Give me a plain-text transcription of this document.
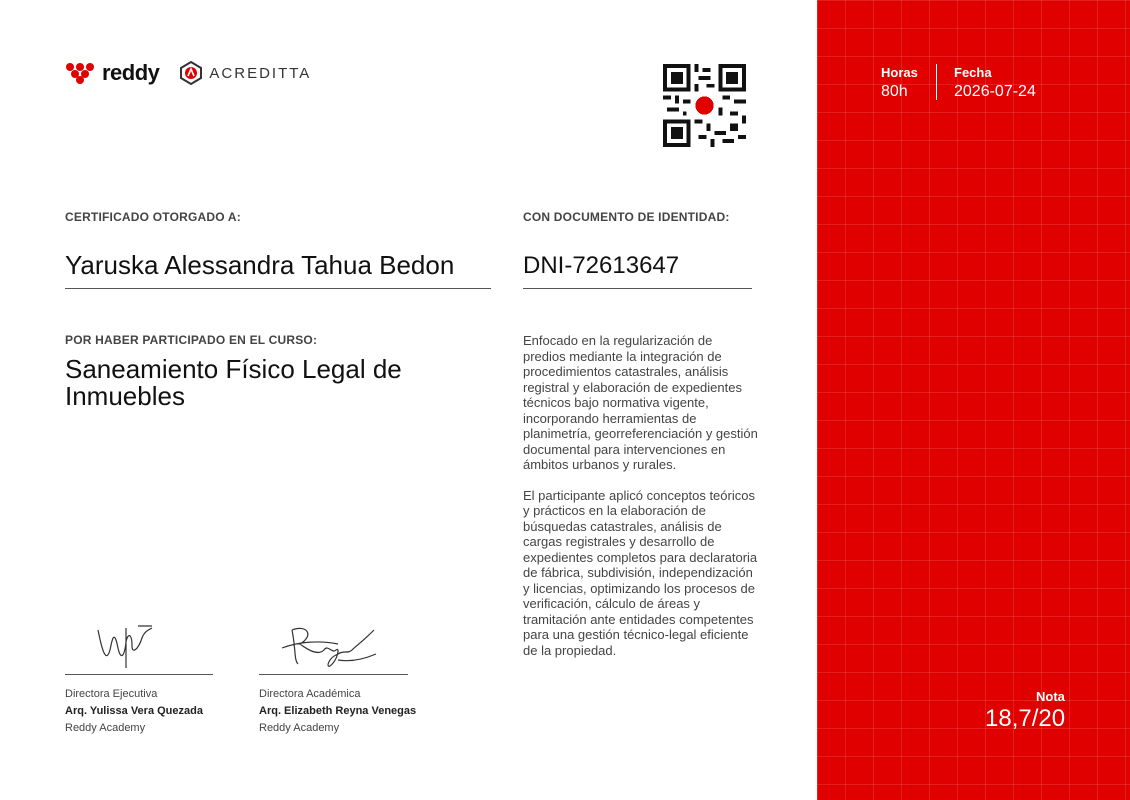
reddy	ACREDITTA
CERTIFICADO OTORGADO A:
Yaruska Alessandra Tahua Bedon
CON DOCUMENTO DE IDENTIDAD:
DNI-72613647
POR HABER PARTICIPADO EN EL CURSO:
Saneamiento Físico Legal de
Inmuebles

Enfocado en la regularización de predios mediante la integración de procedimientos catastrales, análisis registral y elaboración de expedientes técnicos bajo normativa vigente, incorporando herramientas de planimetría, georreferenciación y gestión documental para intervenciones en ámbitos urbanos y rurales.

El participante aplicó conceptos teóricos y prácticos en la elaboración de búsquedas catastrales, análisis de cargas registrales y desarrollo de expedientes completos para declaratoria de fábrica, subdivisión, independización y licencias, optimizando los procesos de verificación, cálculo de áreas y tramitación ante entidades competentes para una gestión técnico-legal eficiente de la propiedad.

Directora Ejecutiva
Arq. Yulissa Vera Quezada
Reddy Academy
Directora Académica
Arq. Elizabeth Reyna Venegas
Reddy Academy
Horas
80h
Fecha
2026-07-24
Nota
18,7/20
